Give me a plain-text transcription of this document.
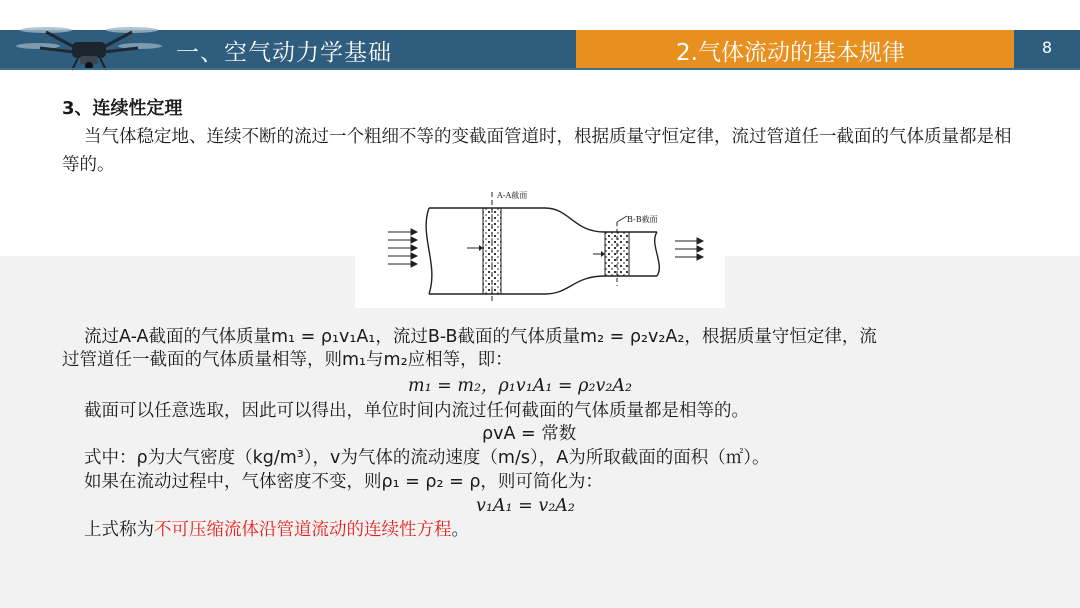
一、空气动力学基础	2.气体流动的基本规律	8
3、连续性定理
当气体稳定地、连续不断的流过一个粗细不等的变截面管道时，根据质量守恒定律，流过管道任一截面的气体质量都是相等的。
A-A截面
B-B截面
流过A-A截面的气体质量m₁ = ρ₁v₁A₁，流过B-B截面的气体质量m₂ = ρ₂v₂A₂，根据质量守恒定律，流
过管道任一截面的气体质量相等，则m₁与m₂应相等，即：
m₁ = m₂，ρ₁v₁A₁ = ρ₂v₂A₂
截面可以任意选取，因此可以得出，单位时间内流过任何截面的气体质量都是相等的。
ρvA = 常数
式中：ρ为大气密度（kg/m³），v为气体的流动速度（m/s），A为所取截面的面积（㎡）。
如果在流动过程中，气体密度不变，则ρ₁ = ρ₂ = ρ，则可简化为：
v₁A₁ = v₂A₂
上式称为不可压缩流体沿管道流动的连续性方程。
